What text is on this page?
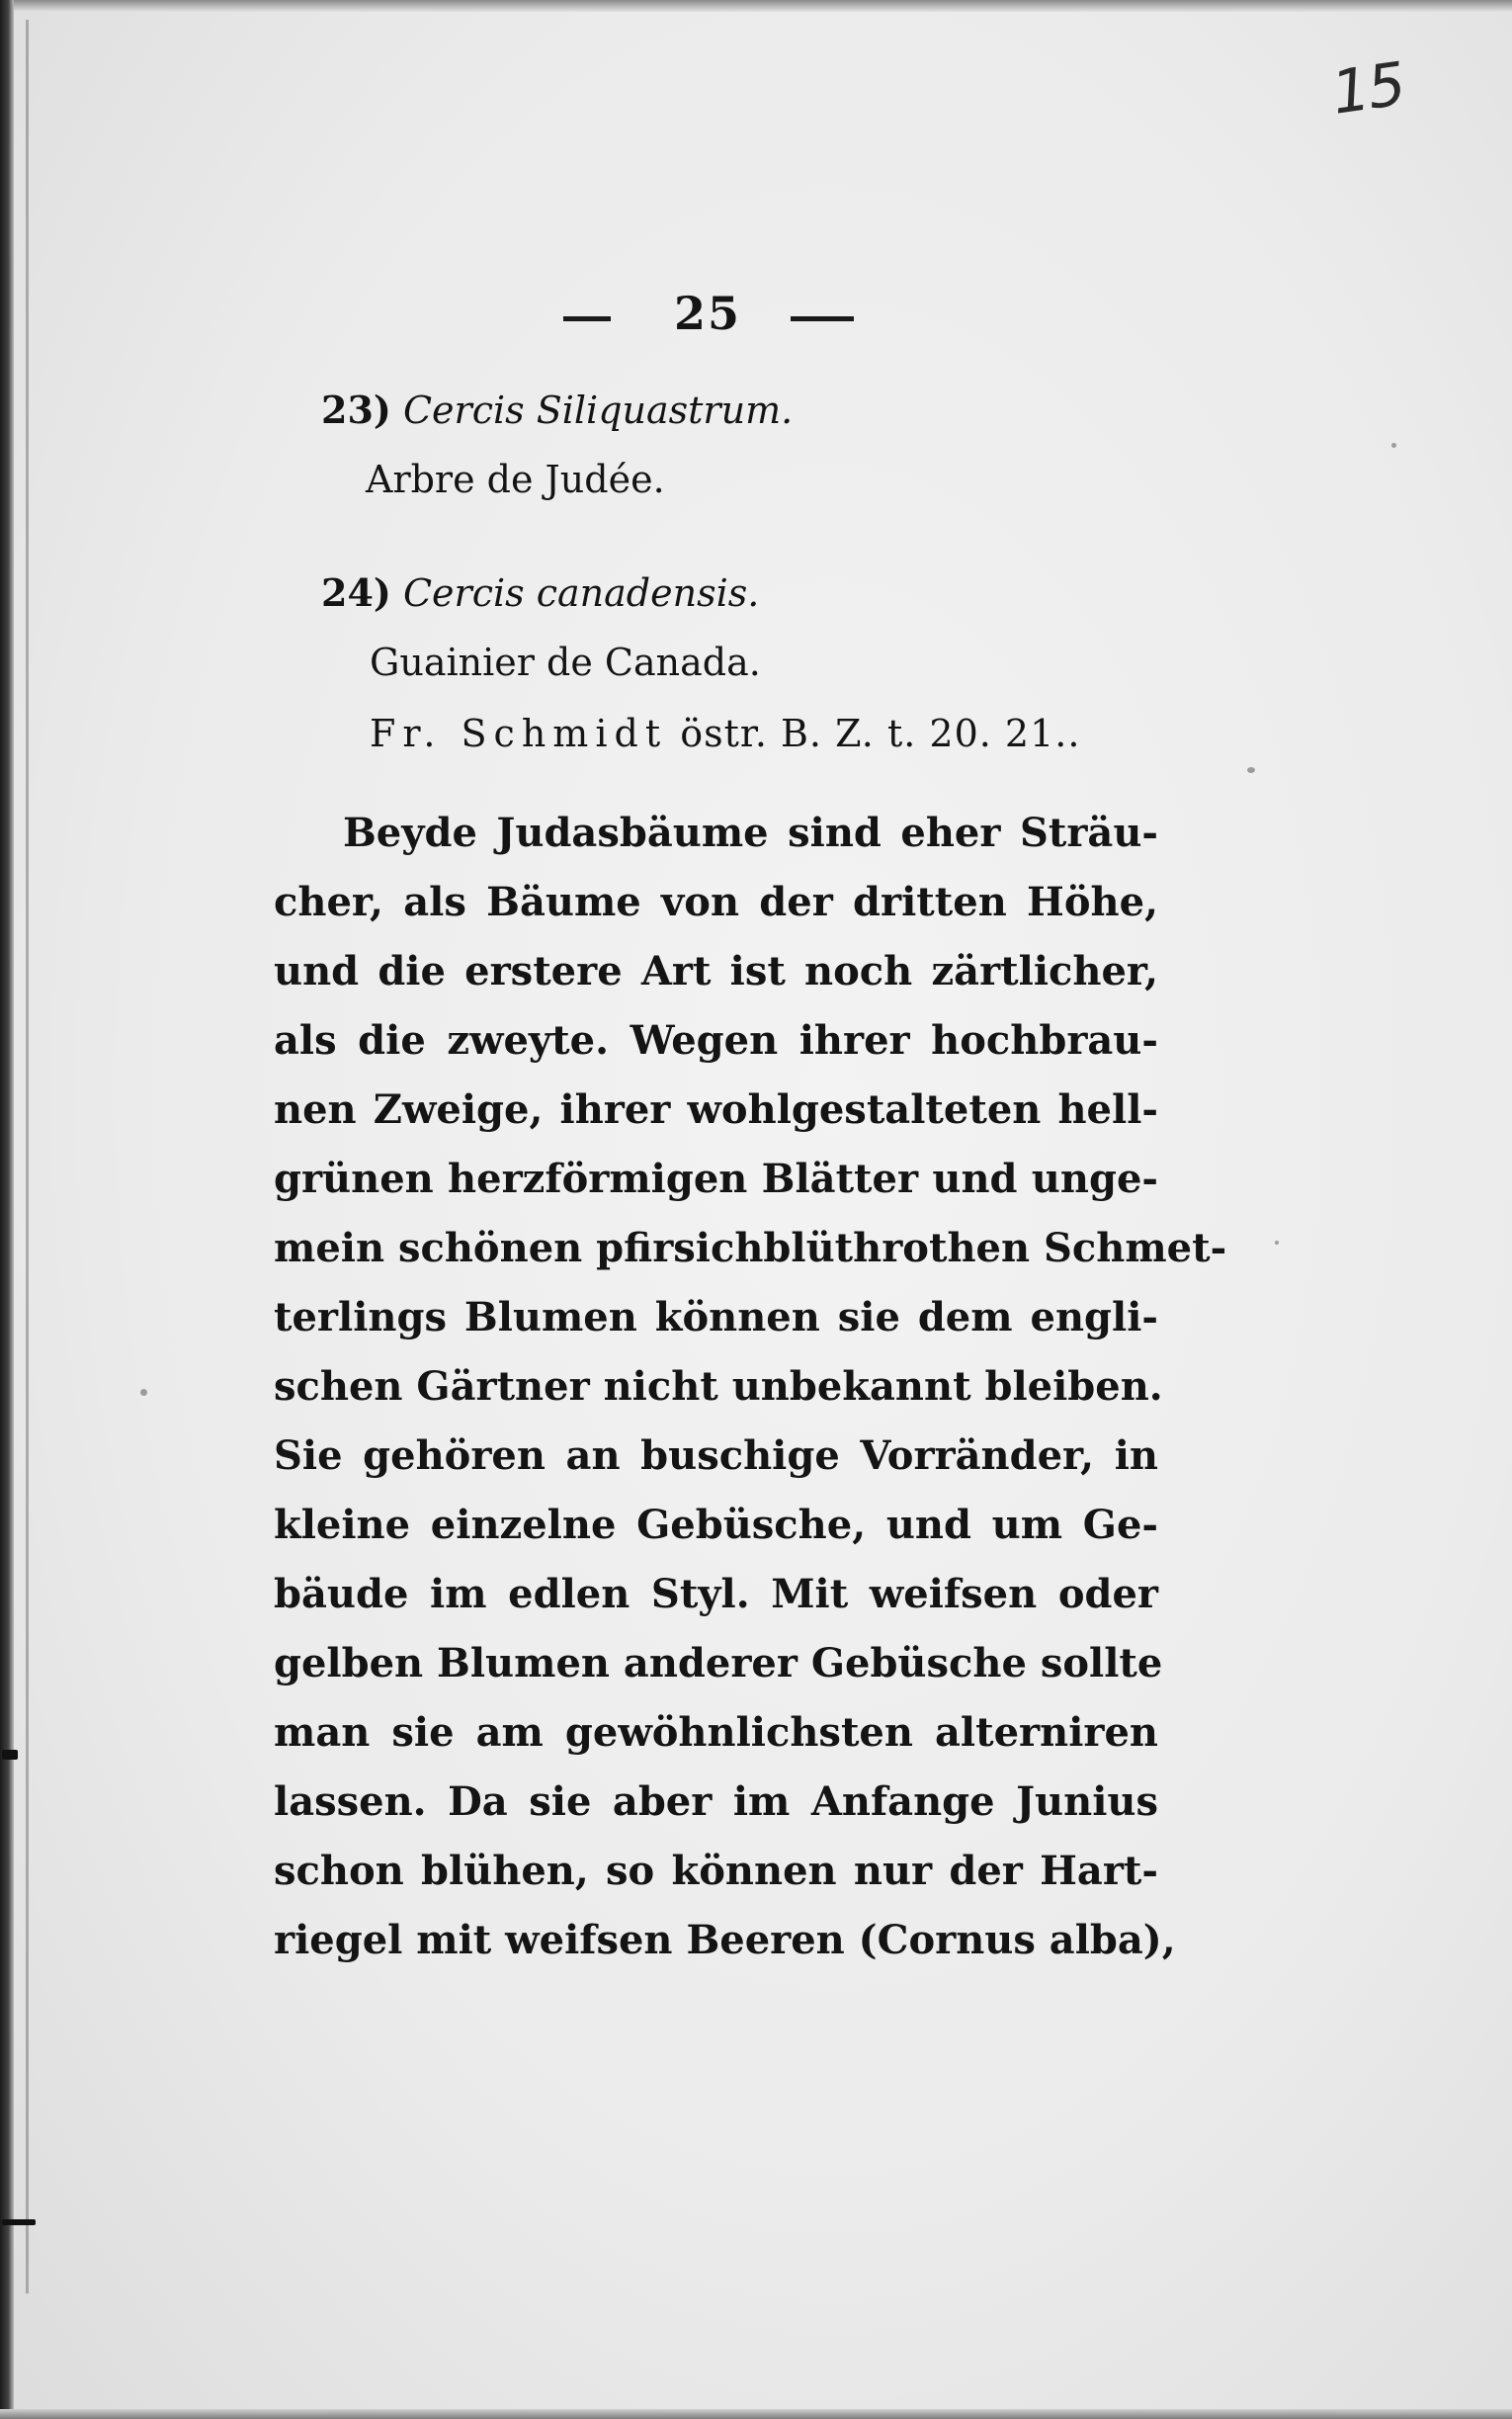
15
25
23) Cercis Siliquastrum.
Arbre de Judée.
24) Cercis canadensis.
Guainier de Canada.
Fr. Schmidt östr. B. Z. t. 20. 21..
Beyde Judasbäume sind eher Sträu-
cher, als Bäume von der dritten Höhe,
und die erstere Art ist noch zärtlicher,
als die zweyte. Wegen ihrer hochbrau-
nen Zweige, ihrer wohlgestalteten hell-
grünen herzförmigen Blätter und unge-
mein schönen pfirsichblüthrothen Schmet-
terlings Blumen können sie dem engli-
schen Gärtner nicht unbekannt bleiben.
Sie gehören an buschige Vorränder, in
kleine einzelne Gebüsche, und um Ge-
bäude im edlen Styl. Mit weifsen oder
gelben Blumen anderer Gebüsche sollte
man sie am gewöhnlichsten alterniren
lassen. Da sie aber im Anfange Junius
schon blühen, so können nur der Hart-
riegel mit weifsen Beeren (Cornus alba),
